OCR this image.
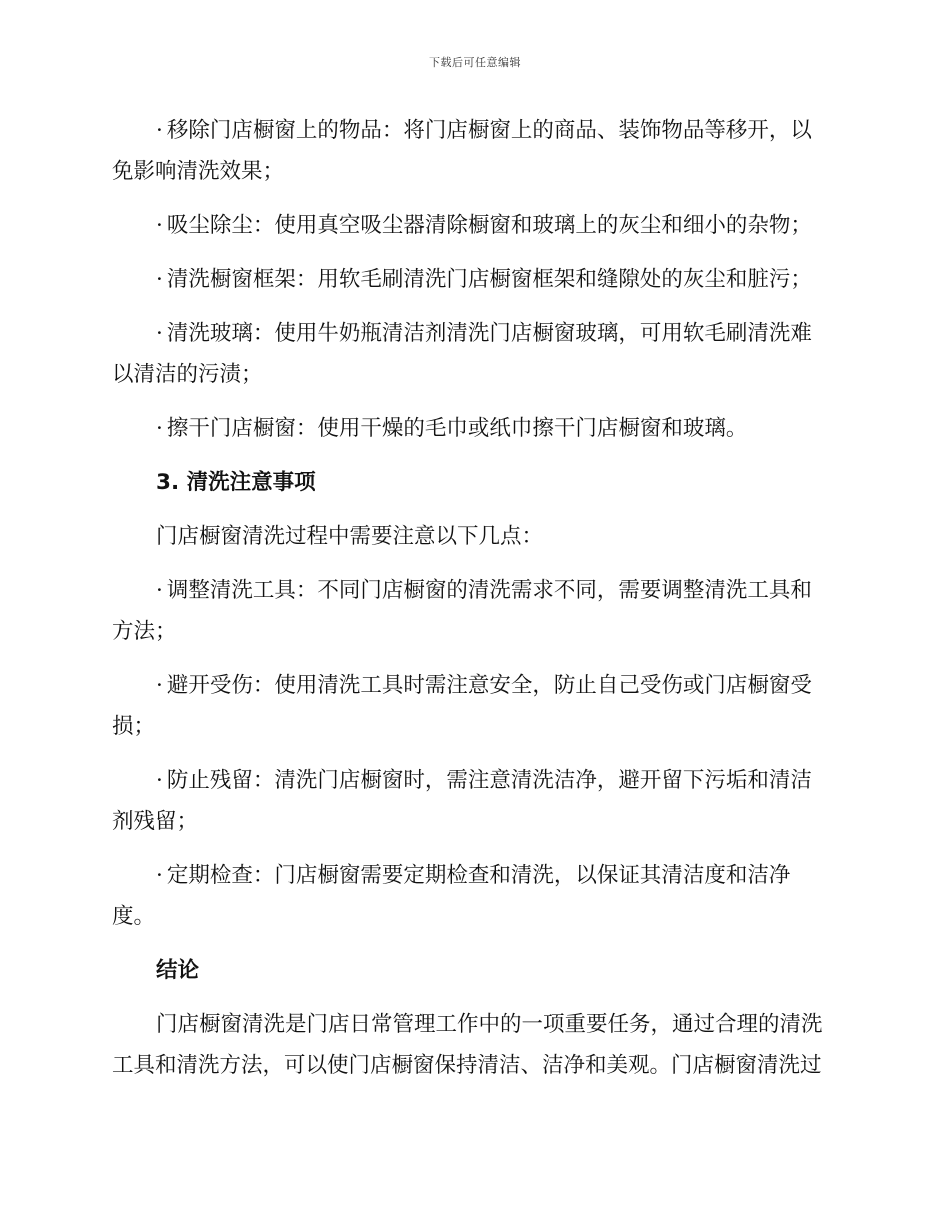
下载后可任意编辑

· 移除门店橱窗上的物品：将门店橱窗上的商品、装饰物品等移开，以免影响清洗效果；

· 吸尘除尘：使用真空吸尘器清除橱窗和玻璃上的灰尘和细小的杂物；

· 清洗橱窗框架：用软毛刷清洗门店橱窗框架和缝隙处的灰尘和脏污；

· 清洗玻璃：使用牛奶瓶清洁剂清洗门店橱窗玻璃，可用软毛刷清洗难以清洁的污渍；

· 擦干门店橱窗：使用干燥的毛巾或纸巾擦干门店橱窗和玻璃。

3. 清洗注意事项

门店橱窗清洗过程中需要注意以下几点：

· 调整清洗工具：不同门店橱窗的清洗需求不同，需要调整清洗工具和方法；

· 避开受伤：使用清洗工具时需注意安全，防止自己受伤或门店橱窗受损；

· 防止残留：清洗门店橱窗时，需注意清洗洁净，避开留下污垢和清洁剂残留；

· 定期检查：门店橱窗需要定期检查和清洗，以保证其清洁度和洁净度。

结论

门店橱窗清洗是门店日常管理工作中的一项重要任务，通过合理的清洗工具和清洗方法，可以使门店橱窗保持清洁、洁净和美观。门店橱窗清洗过
